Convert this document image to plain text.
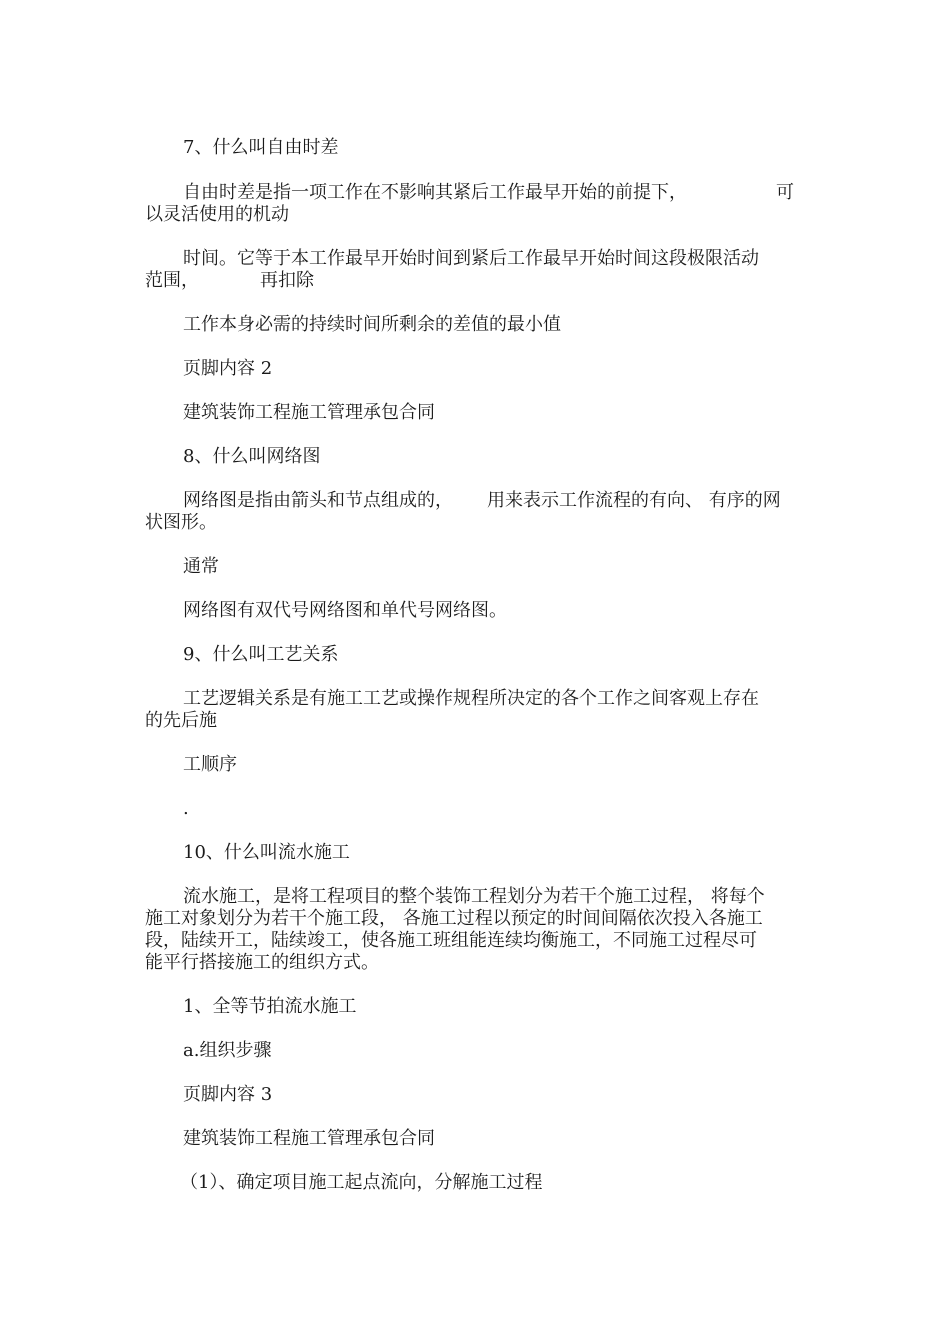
7、什么叫自由时差
自由时差是指一项工作在不影响其紧后工作最早开始的前提下，	可
以灵活使用的机动
时间。它等于本工作最早开始时间到紧后工作最早开始时间这段极限活动
范围，	再扣除
工作本身必需的持续时间所剩余的差值的最小值
页脚内容 2
建筑装饰工程施工管理承包合同
8、什么叫网络图
网络图是指由箭头和节点组成的， 用来表示工作流程的有向、 有序的网
状图形。
通常
网络图有双代号网络图和单代号网络图。
9、什么叫工艺关系
工艺逻辑关系是有施工工艺或操作规程所决定的各个工作之间客观上存在
的先后施
工顺序
.
10、什么叫流水施工
流水施工，是将工程项目的整个装饰工程划分为若干个施工过程， 将每个
施工对象划分为若干个施工段， 各施工过程以预定的时间间隔依次投入各施工
段，陆续开工，陆续竣工，使各施工班组能连续均衡施工，不同施工过程尽可
能平行搭接施工的组织方式。
1、全等节拍流水施工
a.组织步骤
页脚内容 3
建筑装饰工程施工管理承包合同
（1）、确定项目施工起点流向，分解施工过程
